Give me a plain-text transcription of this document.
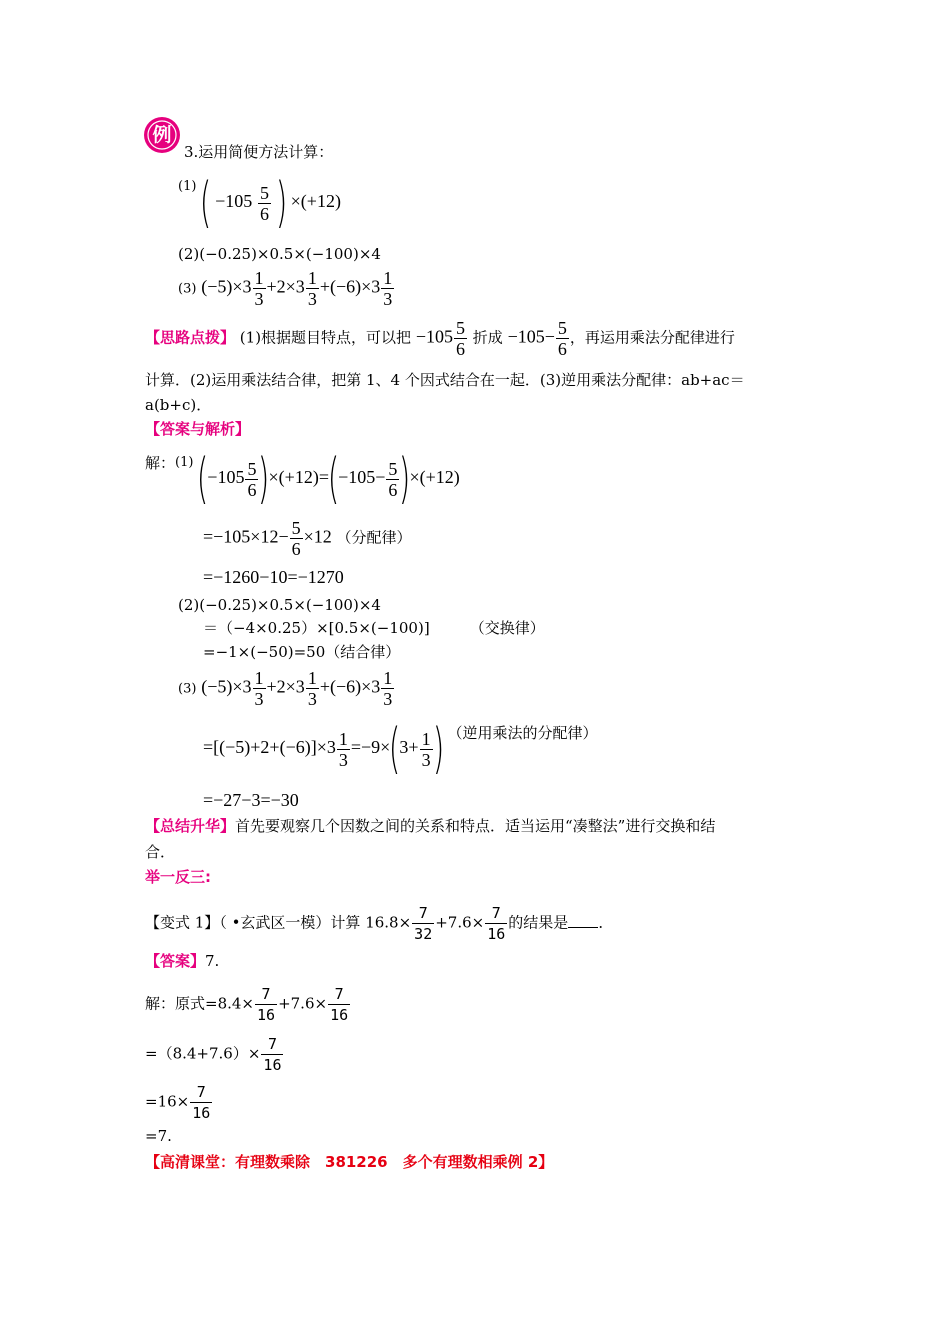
例
3.运用简便方法计算：
(1) ( $-105 \frac{5}{6}$ ) ×(+12)
(2)(−0.25)×0.5×(−100)×4
(3) $(-5)\times 3 \frac{1}{3} +2\times 3 \frac{1}{3} +(-6)\times 3 \frac{1}{3}$
【思路点拨】 (1)根据题目特点，可以把 $-105 \frac{5}{6}$ 折成 $-105- \frac{5}{6}$ ，再运用乘法分配律进行
计算．(2)运用乘法结合律，把第 1、4 个因式结合在一起．(3)逆用乘法分配律：ab+ac＝
a(b+c)．
【答案与解析】
解：(1) $(-105 \frac{5}{6} )\times(+12)=(-105- \frac{5}{6} )\times(+12)$
$=-105\times 12- \frac{5}{6} \times 12$ （分配律）
=−1260−10=−1270
(2)(−0.25)×0.5×(−100)×4
＝（−4×0.25）×[0.5×(−100)]	（交换律）
=−1×(−50)=50（结合律）
(3) $(-5)\times 3 \frac{1}{3} +2\times 3 \frac{1}{3} +(-6)\times 3 \frac{1}{3}$
$=[(-5)+2+(-6)]\times 3 \frac{1}{3} =-9\times(3+ \frac{1}{3}$ ) （逆用乘法的分配律）
=−27−3=−30
【总结升华】首先要观察几个因数之间的关系和特点．适当运用“凑整法”进行交换和结
合．
举一反三:
【变式 1】（ •玄武区一模）计算 $16.8\times \frac{7}{32} +7.6\times \frac{7}{16}$ 的结果是 ．
【答案】7.
解：原式$=8.4\times \frac{7}{16} +7.6\times \frac{7}{16}$
$=(8.4+7.6)\times \frac{7}{16}$
$=16\times \frac{7}{16}$
=7.
【高清课堂：有理数乘除　381226　多个有理数相乘例 2】
